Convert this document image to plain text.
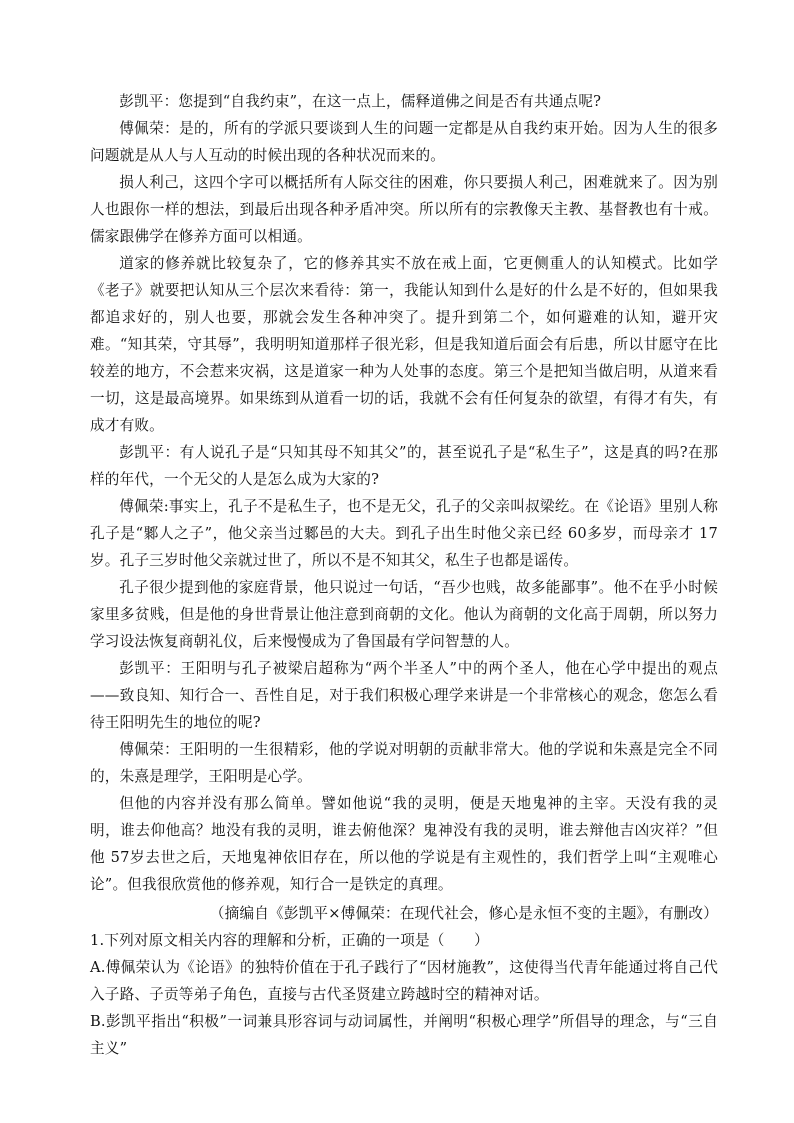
彭凯平：您提到“自我约束”，在这一点上，儒释道佛之间是否有共通点呢?

傅佩荣：是的，所有的学派只要谈到人生的问题一定都是从自我约束开始。因为人生的很多问题就是从人与人互动的时候出现的各种状况而来的。

损人利己，这四个字可以概括所有人际交往的困难，你只要损人利己，困难就来了。因为别人也跟你一样的想法，到最后出现各种矛盾冲突。所以所有的宗教像天主教、基督教也有十戒。儒家跟佛学在修养方面可以相通。

道家的修养就比较复杂了，它的修养其实不放在戒上面，它更侧重人的认知模式。比如学《老子》就要把认知从三个层次来看待：第一，我能认知到什么是好的什么是不好的，但如果我都追求好的，别人也要，那就会发生各种冲突了。提升到第二个，如何避难的认知，避开灾难。“知其荣，守其辱”，我明明知道那样子很光彩，但是我知道后面会有后患，所以甘愿守在比较差的地方，不会惹来灾祸，这是道家一种为人处事的态度。第三个是把知当做启明，从道来看一切，这是最高境界。如果练到从道看一切的话，我就不会有任何复杂的欲望，有得才有失，有成才有败。

彭凯平：有人说孔子是“只知其母不知其父”的，甚至说孔子是“私生子”，这是真的吗?在那样的年代，一个无父的人是怎么成为大家的?

傅佩荣:事实上，孔子不是私生子，也不是无父，孔子的父亲叫叔梁纥。在《论语》里别人称孔子是“鄹人之子”，他父亲当过鄹邑的大夫。到孔子出生时他父亲已经 60多岁，而母亲才 17岁。孔子三岁时他父亲就过世了，所以不是不知其父，私生子也都是谣传。

孔子很少提到他的家庭背景，他只说过一句话，“吾少也贱，故多能鄙事”。他不在乎小时候家里多贫贱，但是他的身世背景让他注意到商朝的文化。他认为商朝的文化高于周朝，所以努力学习设法恢复商朝礼仪，后来慢慢成为了鲁国最有学问智慧的人。

彭凯平：王阳明与孔子被梁启超称为“两个半圣人”中的两个圣人，他在心学中提出的观点——致良知、知行合一、吾性自足，对于我们积极心理学来讲是一个非常核心的观念，您怎么看待王阳明先生的地位的呢?

傅佩荣：王阳明的一生很精彩，他的学说对明朝的贡献非常大。他的学说和朱熹是完全不同的，朱熹是理学，王阳明是心学。

但他的内容并没有那么简单。譬如他说“我的灵明，便是天地鬼神的主宰。天没有我的灵明，谁去仰他高？地没有我的灵明，谁去俯他深？鬼神没有我的灵明，谁去辩他吉凶灾祥？”但他 57岁去世之后，天地鬼神依旧存在，所以他的学说是有主观性的，我们哲学上叫“主观唯心论”。但我很欣赏他的修养观，知行合一是铁定的真理。

（摘编自《彭凯平×傅佩荣：在现代社会，修心是永恒不变的主题》，有删改）

1.下列对原文相关内容的理解和分析，正确的一项是（　　）

A.傅佩荣认为《论语》的独特价值在于孔子践行了“因材施教”，这使得当代青年能通过将自己代入子路、子贡等弟子角色，直接与古代圣贤建立跨越时空的精神对话。

B.彭凯平指出“积极”一词兼具形容词与动词属性，并阐明“积极心理学”所倡导的理念，与“三自主义”
